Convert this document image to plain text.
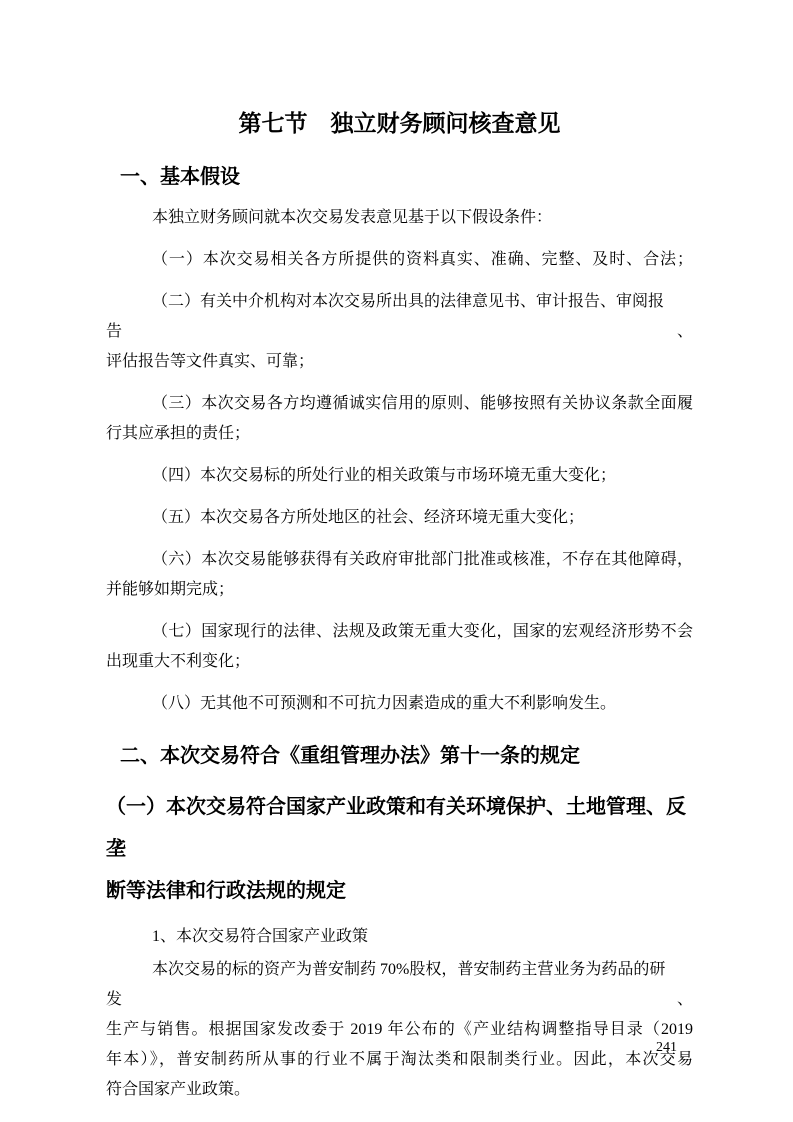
第七节　独立财务顾问核查意见
一、基本假设
本独立财务顾问就本次交易发表意见基于以下假设条件：
（一）本次交易相关各方所提供的资料真实、准确、完整、及时、合法；
（二）有关中介机构对本次交易所出具的法律意见书、审计报告、审阅报告、
评估报告等文件真实、可靠；
（三）本次交易各方均遵循诚实信用的原则、能够按照有关协议条款全面履
行其应承担的责任；
（四）本次交易标的所处行业的相关政策与市场环境无重大变化；
（五）本次交易各方所处地区的社会、经济环境无重大变化；
（六）本次交易能够获得有关政府审批部门批准或核准，不存在其他障碍，
并能够如期完成；
（七）国家现行的法律、法规及政策无重大变化，国家的宏观经济形势不会
出现重大不利变化；
（八）无其他不可预测和不可抗力因素造成的重大不利影响发生。
二、本次交易符合《重组管理办法》第十一条的规定
（一）本次交易符合国家产业政策和有关环境保护、土地管理、反垄
断等法律和行政法规的规定
1、本次交易符合国家产业政策
本次交易的标的资产为普安制药 70%股权，普安制药主营业务为药品的研发、
生产与销售。根据国家发改委于 2019 年公布的《产业结构调整指导目录（2019
年本）》，普安制药所从事的行业不属于淘汰类和限制类行业。因此，本次交易
符合国家产业政策。
241
